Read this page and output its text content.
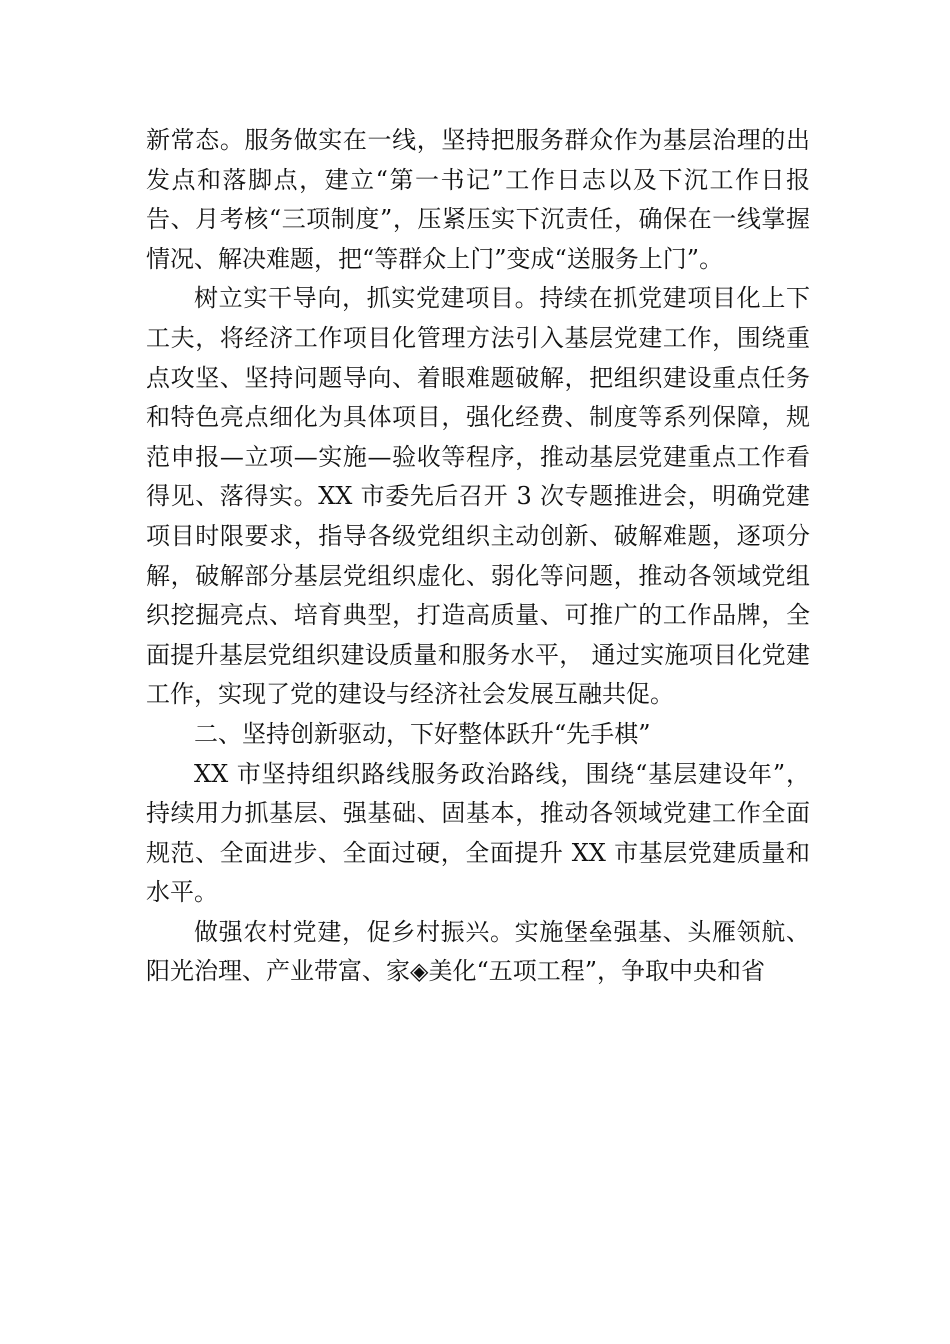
新常态。服务做实在一线，坚持把服务群众作为基层治理的出发点和落脚点，建立“第一书记”工作日志以及下沉工作日报告、月考核“三项制度”，压紧压实下沉责任，确保在一线掌握情况、解决难题，把“等群众上门”变成“送服务上门”。

树立实干导向，抓实党建项目。持续在抓党建项目化上下工夫，将经济工作项目化管理方法引入基层党建工作，围绕重点攻坚、坚持问题导向、着眼难题破解，把组织建设重点任务和特色亮点细化为具体项目，强化经费、制度等系列保障，规范申报—立项—实施—验收等程序，推动基层党建重点工作看得见、落得实。XX 市委先后召开 3 次专题推进会，明确党建项目时限要求，指导各级党组织主动创新、破解难题，逐项分解，破解部分基层党组织虚化、弱化等问题，推动各领域党组织挖掘亮点、培育典型，打造高质量、可推广的工作品牌，全面提升基层党组织建设质量和服务水平， 通过实施项目化党建工作，实现了党的建设与经济社会发展互融共促。

二、坚持创新驱动，下好整体跃升“先手棋”

XX 市坚持组织路线服务政治路线，围绕“基层建设年”，持续用力抓基层、强基础、固基本，推动各领域党建工作全面规范、全面进步、全面过硬，全面提升 XX 市基层党建质量和水平。

做强农村党建，促乡村振兴。实施堡垒强基、头雁领航、阳光治理、产业带富、家◈美化“五项工程”，争取中央和省
